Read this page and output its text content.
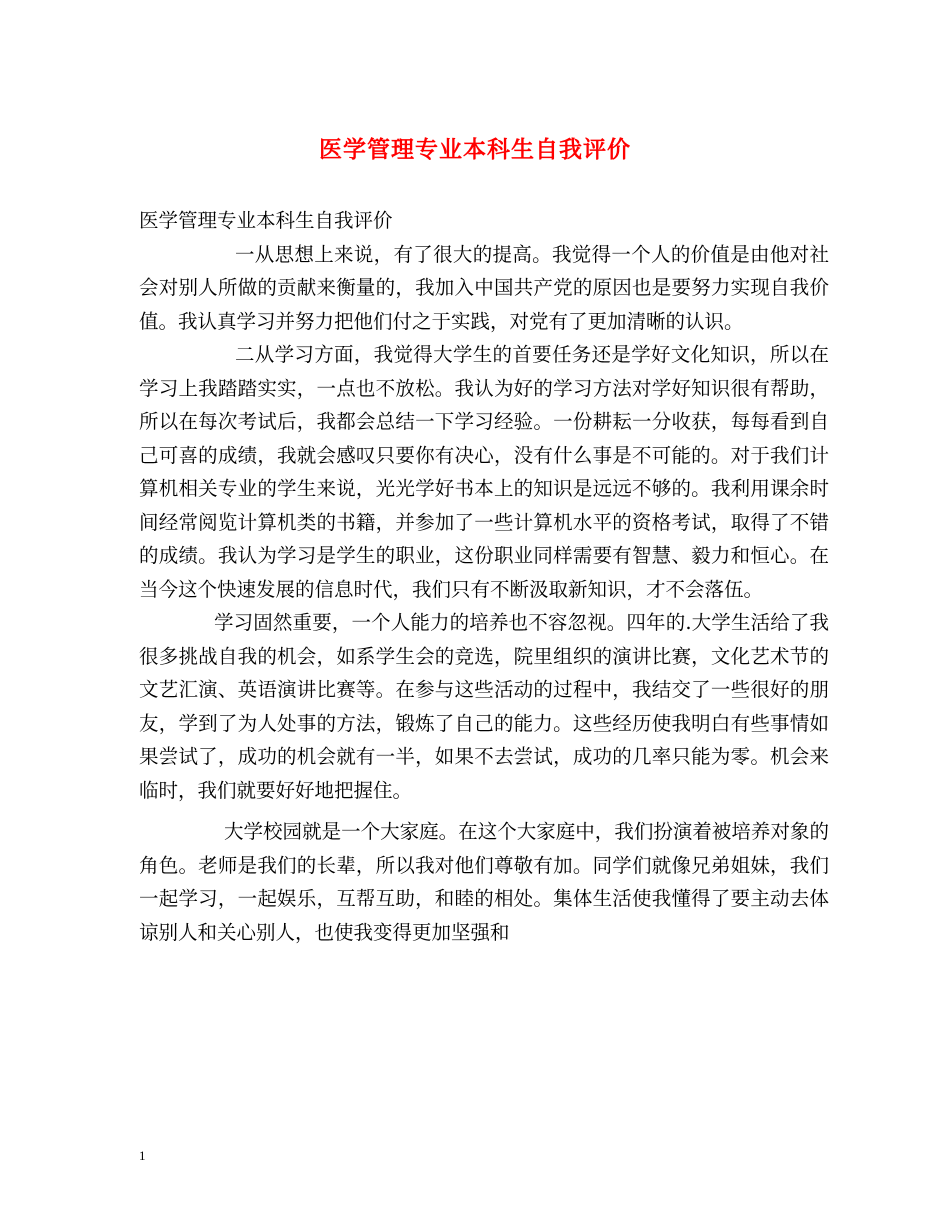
医学管理专业本科生自我评价

医学管理专业本科生自我评价

一从思想上来说，有了很大的提高。我觉得一个人的价值是由他对社会对别人所做的贡献来衡量的，我加入中国共产党的原因也是要努力实现自我价值。我认真学习并努力把他们付之于实践，对党有了更加清晰的认识。

二从学习方面，我觉得大学生的首要任务还是学好文化知识，所以在学习上我踏踏实实，一点也不放松。我认为好的学习方法对学好知识很有帮助，所以在每次考试后，我都会总结一下学习经验。一份耕耘一分收获，每每看到自己可喜的成绩，我就会感叹只要你有决心，没有什么事是不可能的。对于我们计算机相关专业的学生来说，光光学好书本上的知识是远远不够的。我利用课余时间经常阅览计算机类的书籍，并参加了一些计算机水平的资格考试，取得了不错的成绩。我认为学习是学生的职业，这份职业同样需要有智慧、毅力和恒心。在当今这个快速发展的信息时代，我们只有不断汲取新知识，才不会落伍。

学习固然重要，一个人能力的培养也不容忽视。四年的.大学生活给了我很多挑战自我的机会，如系学生会的竞选，院里组织的演讲比赛，文化艺术节的文艺汇演、英语演讲比赛等。在参与这些活动的过程中，我结交了一些很好的朋友，学到了为人处事的方法，锻炼了自己的能力。这些经历使我明白有些事情如果尝试了，成功的机会就有一半，如果不去尝试，成功的几率只能为零。机会来临时，我们就要好好地把握住。

大学校园就是一个大家庭。在这个大家庭中，我们扮演着被培养对象的角色。老师是我们的长辈，所以我对他们尊敬有加。同学们就像兄弟姐妹，我们一起学习，一起娱乐，互帮互助，和睦的相处。集体生活使我懂得了要主动去体谅别人和关心别人，也使我变得更加坚强和

1
